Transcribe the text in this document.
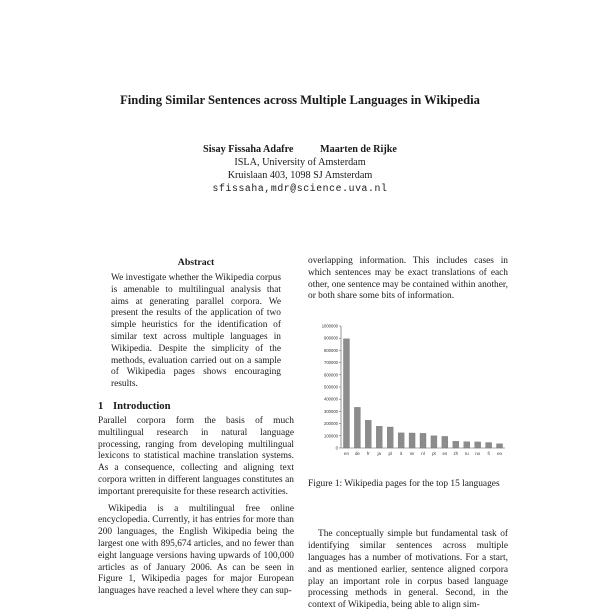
Finding Similar Sentences across Multiple Languages in Wikipedia
Sisay Fissaha Adafre	Maarten de Rijke
ISLA, University of Amsterdam
Kruislaan 403, 1098 SJ Amsterdam
sfissaha,mdr@science.uva.nl
Abstract

We investigate whether the Wikipedia corpus is amenable to multilingual analysis that aims at generating parallel corpora. We present the results of the application of two simple heuristics for the identification of similar text across multiple languages in Wikipedia. Despite the simplicity of the methods, evaluation carried out on a sample of Wikipedia pages shows encouraging results.

1 Introduction

Parallel corpora form the basis of much multilingual research in natural language processing, ranging from developing multilingual lexicons to statistical machine translation systems. As a consequence, collecting and aligning text corpora written in different languages constitutes an important prerequisite for these research activities.

Wikipedia is a multilingual free online encyclopedia. Currently, it has entries for more than 200 languages, the English Wikipedia being the largest one with 895,674 articles, and no fewer than eight language versions having upwards of 100,000 articles as of January 2006. As can be seen in Figure 1, Wikipedia pages for major European languages have reached a level where they can sup-

overlapping information. This includes cases in which sentences may be exact translations of each other, one sentence may be contained within another, or both share some bits of information.

0
100000
200000
300000
400000
500000
600000
700000
800000
900000
1000000
en de fr ja pl it sv nl pt es zh ru no fi eo
Figure 1: Wikipedia pages for the top 15 languages

The conceptually simple but fundamental task of identifying similar sentences across multiple languages has a number of motivations. For a start, and as mentioned earlier, sentence aligned corpora play an important role in corpus based language processing methods in general. Second, in the context of Wikipedia, being able to align sim-
